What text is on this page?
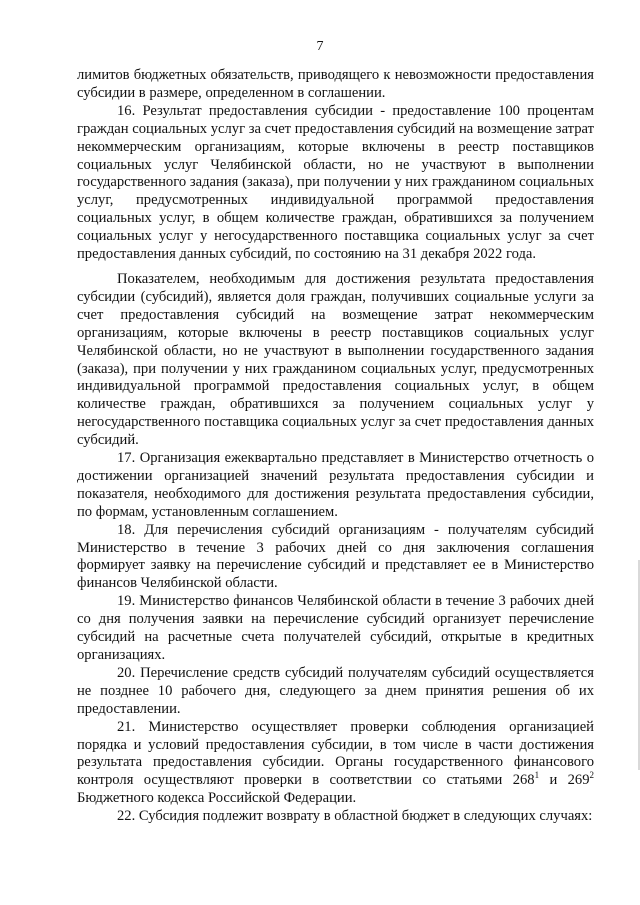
7

лимитов бюджетных обязательств, приводящего к невозможности предоставления субсидии в размере, определенном в соглашении.

16. Результат предоставления субсидии - предоставление 100 процентам граждан социальных услуг за счет предоставления субсидий на возмещение затрат некоммерческим организациям, которые включены в реестр поставщиков социальных услуг Челябинской области, но не участвуют в выполнении государственного задания (заказа), при получении у них гражданином социальных услуг, предусмотренных индивидуальной программой предоставления социальных услуг, в общем количестве граждан, обратившихся за получением социальных услуг у негосударственного поставщика социальных услуг за счет предоставления данных субсидий, по состоянию на 31 декабря 2022 года.

Показателем, необходимым для достижения результата предоставления субсидии (субсидий), является доля граждан, получивших социальные услуги за счет предоставления субсидий на возмещение затрат некоммерческим организациям, которые включены в реестр поставщиков социальных услуг Челябинской области, но не участвуют в выполнении государственного задания (заказа), при получении у них гражданином социальных услуг, предусмотренных индивидуальной программой предоставления социальных услуг, в общем количестве граждан, обратившихся за получением социальных услуг у негосударственного поставщика социальных услуг за счет предоставления данных субсидий.

17. Организация ежеквартально представляет в Министерство отчетность о достижении организацией значений результата предоставления субсидии и показателя, необходимого для достижения результата предоставления субсидии, по формам, установленным соглашением.

18. Для перечисления субсидий организациям - получателям субсидий Министерство в течение 3 рабочих дней со дня заключения соглашения формирует заявку на перечисление субсидий и представляет ее в Министерство финансов Челябинской области.

19. Министерство финансов Челябинской области в течение 3 рабочих дней со дня получения заявки на перечисление субсидий организует перечисление субсидий на расчетные счета получателей субсидий, открытые в кредитных организациях.

20. Перечисление средств субсидий получателям субсидий осуществляется не позднее 10 рабочего дня, следующего за днем принятия решения об их предоставлении.

21. Министерство осуществляет проверки соблюдения организацией порядка и условий предоставления субсидии, в том числе в части достижения результата предоставления субсидии. Органы государственного финансового контроля осуществляют проверки в соответствии со статьями $268^1$ и $269^2$ Бюджетного кодекса Российской Федерации.

22. Субсидия подлежит возврату в областной бюджет в следующих случаях:
